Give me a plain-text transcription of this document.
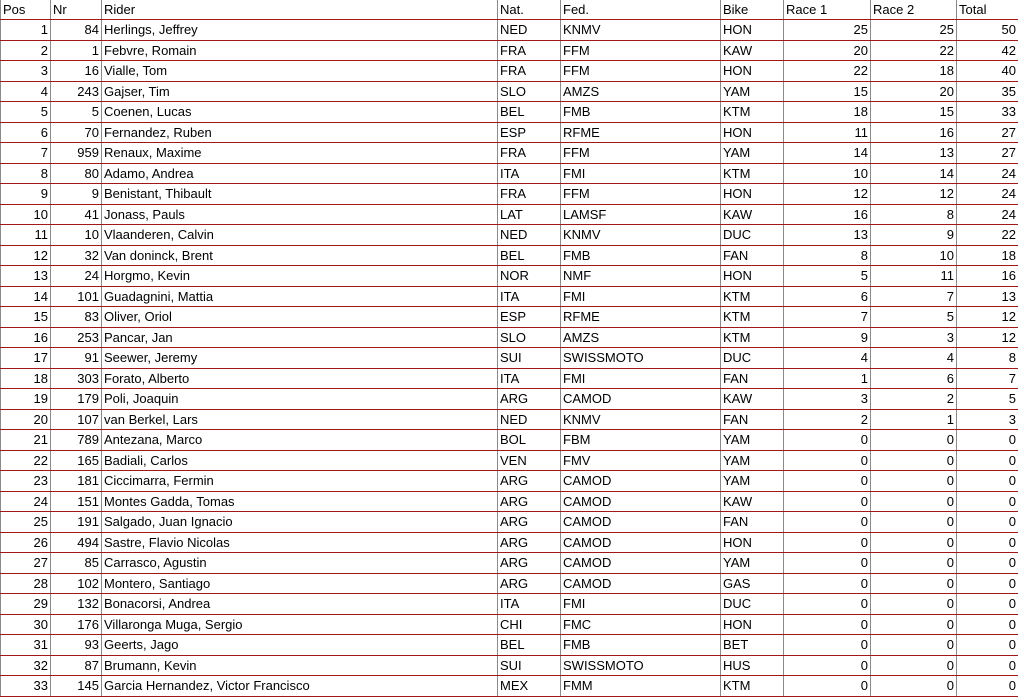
Pos	Nr	Rider	Nat.	Fed.	Bike	Race 1	Race 2	Total
1	84	Herlings, Jeffrey	NED	KNMV	HON	25	25	50
2	1	Febvre, Romain	FRA	FFM	KAW	20	22	42
3	16	Vialle, Tom	FRA	FFM	HON	22	18	40
4	243	Gajser, Tim	SLO	AMZS	YAM	15	20	35
5	5	Coenen, Lucas	BEL	FMB	KTM	18	15	33
6	70	Fernandez, Ruben	ESP	RFME	HON	11	16	27
7	959	Renaux, Maxime	FRA	FFM	YAM	14	13	27
8	80	Adamo, Andrea	ITA	FMI	KTM	10	14	24
9	9	Benistant, Thibault	FRA	FFM	HON	12	12	24
10	41	Jonass, Pauls	LAT	LAMSF	KAW	16	8	24
11	10	Vlaanderen, Calvin	NED	KNMV	DUC	13	9	22
12	32	Van doninck, Brent	BEL	FMB	FAN	8	10	18
13	24	Horgmo, Kevin	NOR	NMF	HON	5	11	16
14	101	Guadagnini, Mattia	ITA	FMI	KTM	6	7	13
15	83	Oliver, Oriol	ESP	RFME	KTM	7	5	12
16	253	Pancar, Jan	SLO	AMZS	KTM	9	3	12
17	91	Seewer, Jeremy	SUI	SWISSMOTO	DUC	4	4	8
18	303	Forato, Alberto	ITA	FMI	FAN	1	6	7
19	179	Poli, Joaquin	ARG	CAMOD	KAW	3	2	5
20	107	van Berkel, Lars	NED	KNMV	FAN	2	1	3
21	789	Antezana, Marco	BOL	FBM	YAM	0	0	0
22	165	Badiali, Carlos	VEN	FMV	YAM	0	0	0
23	181	Ciccimarra, Fermin	ARG	CAMOD	YAM	0	0	0
24	151	Montes Gadda, Tomas	ARG	CAMOD	KAW	0	0	0
25	191	Salgado, Juan Ignacio	ARG	CAMOD	FAN	0	0	0
26	494	Sastre, Flavio Nicolas	ARG	CAMOD	HON	0	0	0
27	85	Carrasco, Agustin	ARG	CAMOD	YAM	0	0	0
28	102	Montero, Santiago	ARG	CAMOD	GAS	0	0	0
29	132	Bonacorsi, Andrea	ITA	FMI	DUC	0	0	0
30	176	Villaronga Muga, Sergio	CHI	FMC	HON	0	0	0
31	93	Geerts, Jago	BEL	FMB	BET	0	0	0
32	87	Brumann, Kevin	SUI	SWISSMOTO	HUS	0	0	0
33	145	Garcia Hernandez, Victor Francisco	MEX	FMM	KTM	0	0	0
